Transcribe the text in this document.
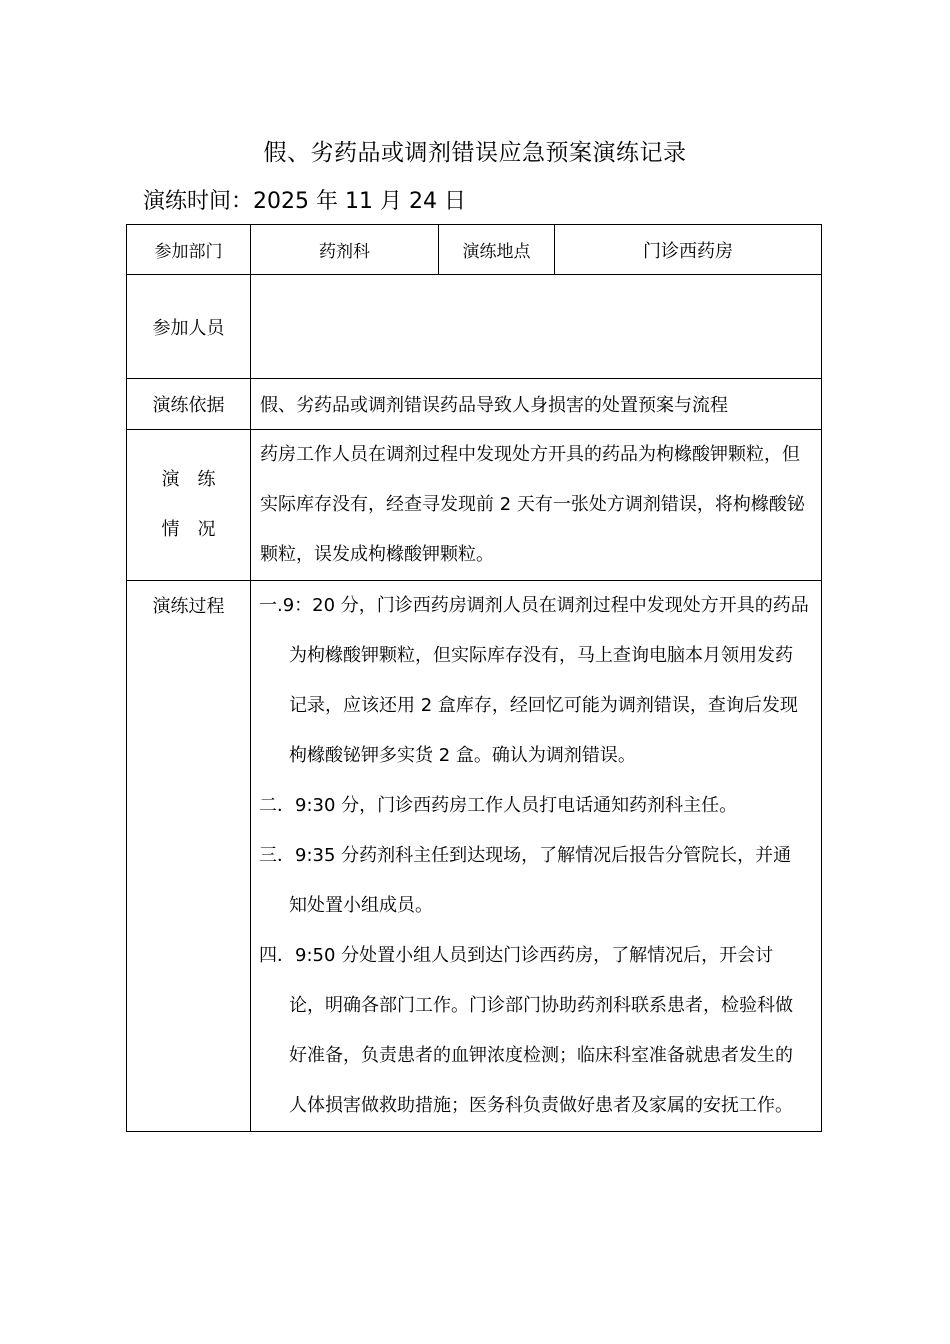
假、劣药品或调剂错误应急预案演练记录
演练时间：2025 年 11 月 24 日
参加部门	药剂科	演练地点	门诊西药房
参加人员			
演练依据	假、劣药品或调剂错误药品导致人身损害的处置预案与流程		

演　练
情　况	药房工作人员在调剂过程中发现处方开具的药品为枸橼酸钾颗粒，但实际库存没有，经查寻发现前 2 天有一张处方调剂错误，将枸橼酸铋颗粒，误发成枸橼酸钾颗粒。		
演练过程	一.9：20 分，门诊西药房调剂人员在调剂过程中发现处方开具的药品为枸橼酸钾颗粒，但实际库存没有，马上查询电脑本月领用发药记录，应该还用 2 盒库存，经回忆可能为调剂错误，查询后发现枸橼酸铋钾多实货 2 盒。确认为调剂错误。
二．9:30 分，门诊西药房工作人员打电话通知药剂科主任。
三．9:35 分药剂科主任到达现场，了解情况后报告分管院长，并通知处置小组成员。
四．9:50 分处置小组人员到达门诊西药房，了解情况后，开会讨论，明确各部门工作。门诊部门协助药剂科联系患者，检验科做好准备，负责患者的血钾浓度检测；临床科室准备就患者发生的人体损害做救助措施；医务科负责做好患者及家属的安抚工作。		
